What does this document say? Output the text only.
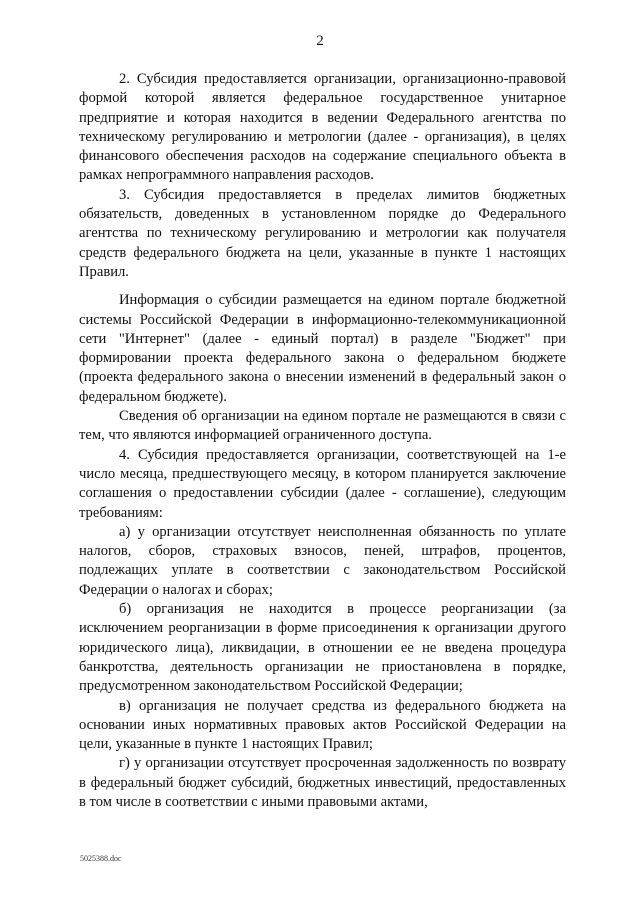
2

2. Субсидия предоставляется организации, организационно-правовой формой которой является федеральное государственное унитарное предприятие и которая находится в ведении Федерального агентства по техническому регулированию и метрологии (далее - организация), в целях финансового обеспечения расходов на содержание специального объекта в рамках непрограммного направления расходов.

3. Субсидия предоставляется в пределах лимитов бюджетных обязательств, доведенных в установленном порядке до Федерального агентства по техническому регулированию и метрологии как получателя средств федерального бюджета на цели, указанные в пункте 1 настоящих Правил.

Информация о субсидии размещается на едином портале бюджетной системы Российской Федерации в информационно-телекоммуникационной сети "Интернет" (далее - единый портал) в разделе "Бюджет" при формировании проекта федерального закона о федеральном бюджете (проекта федерального закона о внесении изменений в федеральный закон о федеральном бюджете).

Сведения об организации на едином портале не размещаются в связи с тем, что являются информацией ограниченного доступа.

4. Субсидия предоставляется организации, соответствующей на 1-е число месяца, предшествующего месяцу, в котором планируется заключение соглашения о предоставлении субсидии (далее - соглашение), следующим требованиям:

а) у организации отсутствует неисполненная обязанность по уплате налогов, сборов, страховых взносов, пеней, штрафов, процентов, подлежащих уплате в соответствии с законодательством Российской Федерации о налогах и сборах;

б) организация не находится в процессе реорганизации (за исключением реорганизации в форме присоединения к организации другого юридического лица), ликвидации, в отношении ее не введена процедура банкротства, деятельность организации не приостановлена в порядке, предусмотренном законодательством Российской Федерации;

в) организация не получает средства из федерального бюджета на основании иных нормативных правовых актов Российской Федерации на цели, указанные в пункте 1 настоящих Правил;

г) у организации отсутствует просроченная задолженность по возврату в федеральный бюджет субсидий, бюджетных инвестиций, предоставленных в том числе в соответствии с иными правовыми актами,

5025388.doc
